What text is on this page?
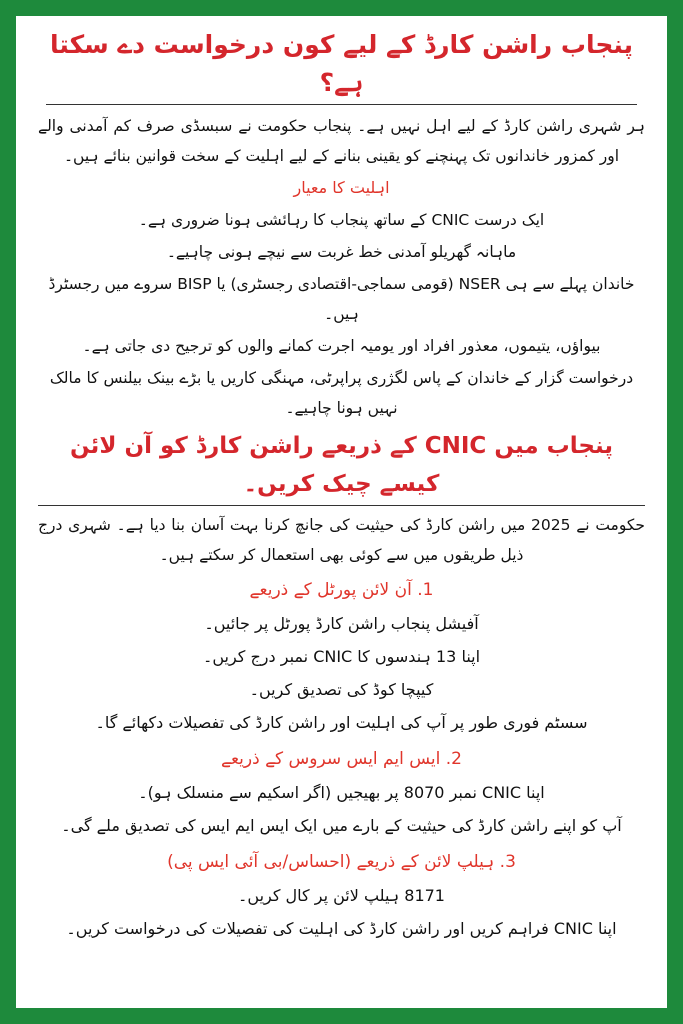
پنجاب راشن کارڈ کے لیے کون درخواست دے سکتا ہے؟

ہر شہری راشن کارڈ کے لیے اہل نہیں ہے۔ پنجاب حکومت نے سبسڈی صرف کم آمدنی والے اور کمزور خاندانوں تک پہنچنے کو یقینی بنانے کے لیے اہلیت کے سخت قوانین بنائے ہیں۔

اہلیت کا معیار

ایک درست CNIC کے ساتھ پنجاب کا رہائشی ہونا ضروری ہے۔

ماہانہ گھریلو آمدنی خط غربت سے نیچے ہونی چاہیے۔

خاندان پہلے سے ہی NSER (قومی سماجی-اقتصادی رجسٹری) یا BISP سروے میں رجسٹرڈ ہیں۔

بیواؤں، یتیموں، معذور افراد اور یومیہ اجرت کمانے والوں کو ترجیح دی جاتی ہے۔

درخواست گزار کے خاندان کے پاس لگژری پراپرٹی، مہنگی کاریں یا بڑے بینک بیلنس کا مالک نہیں ہونا چاہیے۔

پنجاب میں CNIC کے ذریعے راشن کارڈ کو آن لائن کیسے چیک کریں۔

حکومت نے 2025 میں راشن کارڈ کی حیثیت کی جانچ کرنا بہت آسان بنا دیا ہے۔ شہری درج ذیل طریقوں میں سے کوئی بھی استعمال کر سکتے ہیں۔

1. آن لائن پورٹل کے ذریعے

آفیشل پنجاب راشن کارڈ پورٹل پر جائیں۔

اپنا 13 ہندسوں کا CNIC نمبر درج کریں۔

کیپچا کوڈ کی تصدیق کریں۔

سسٹم فوری طور پر آپ کی اہلیت اور راشن کارڈ کی تفصیلات دکھائے گا۔

2. ایس ایم ایس سروس کے ذریعے

اپنا CNIC نمبر 8070 پر بھیجیں (اگر اسکیم سے منسلک ہو)۔

آپ کو اپنے راشن کارڈ کی حیثیت کے بارے میں ایک ایس ایم ایس کی تصدیق ملے گی۔

3. ہیلپ لائن کے ذریعے (احساس/بی آئی ایس پی)

8171 ہیلپ لائن پر کال کریں۔

اپنا CNIC فراہم کریں اور راشن کارڈ کی اہلیت کی تفصیلات کی درخواست کریں۔
